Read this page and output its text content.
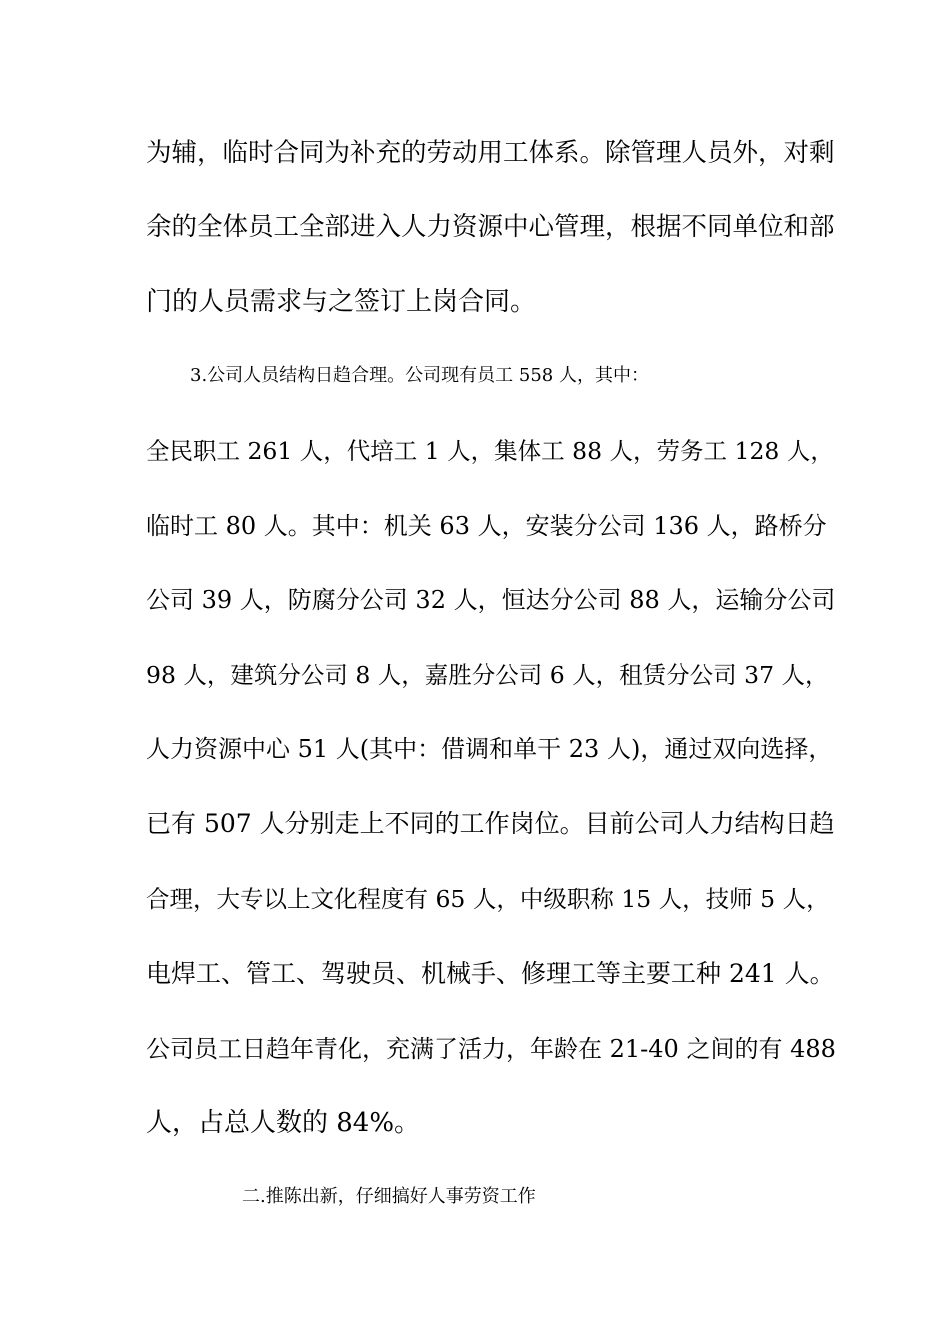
为辅，临时合同为补充的劳动用工体系。除管理人员外，对剩
余的全体员工全部进入人力资源中心管理，根据不同单位和部
门的人员需求与之签订上岗合同。
3.公司人员结构日趋合理。公司现有员工 558 人，其中：
全民职工 261 人，代培工 1 人，集体工 88 人，劳务工 128 人，
临时工 80 人。其中：机关 63 人，安装分公司 136 人，路桥分
公司 39 人，防腐分公司 32 人，恒达分公司 88 人，运输分公司
98 人，建筑分公司 8 人，嘉胜分公司 6 人，租赁分公司 37 人，
人力资源中心 51 人(其中：借调和单干 23 人)，通过双向选择，
已有 507 人分别走上不同的工作岗位。目前公司人力结构日趋
合理，大专以上文化程度有 65 人，中级职称 15 人，技师 5 人，
电焊工、管工、驾驶员、机械手、修理工等主要工种 241 人。
公司员工日趋年青化，充满了活力，年龄在 21-40 之间的有 488
人，占总人数的 84%。
二.推陈出新，仔细搞好人事劳资工作
